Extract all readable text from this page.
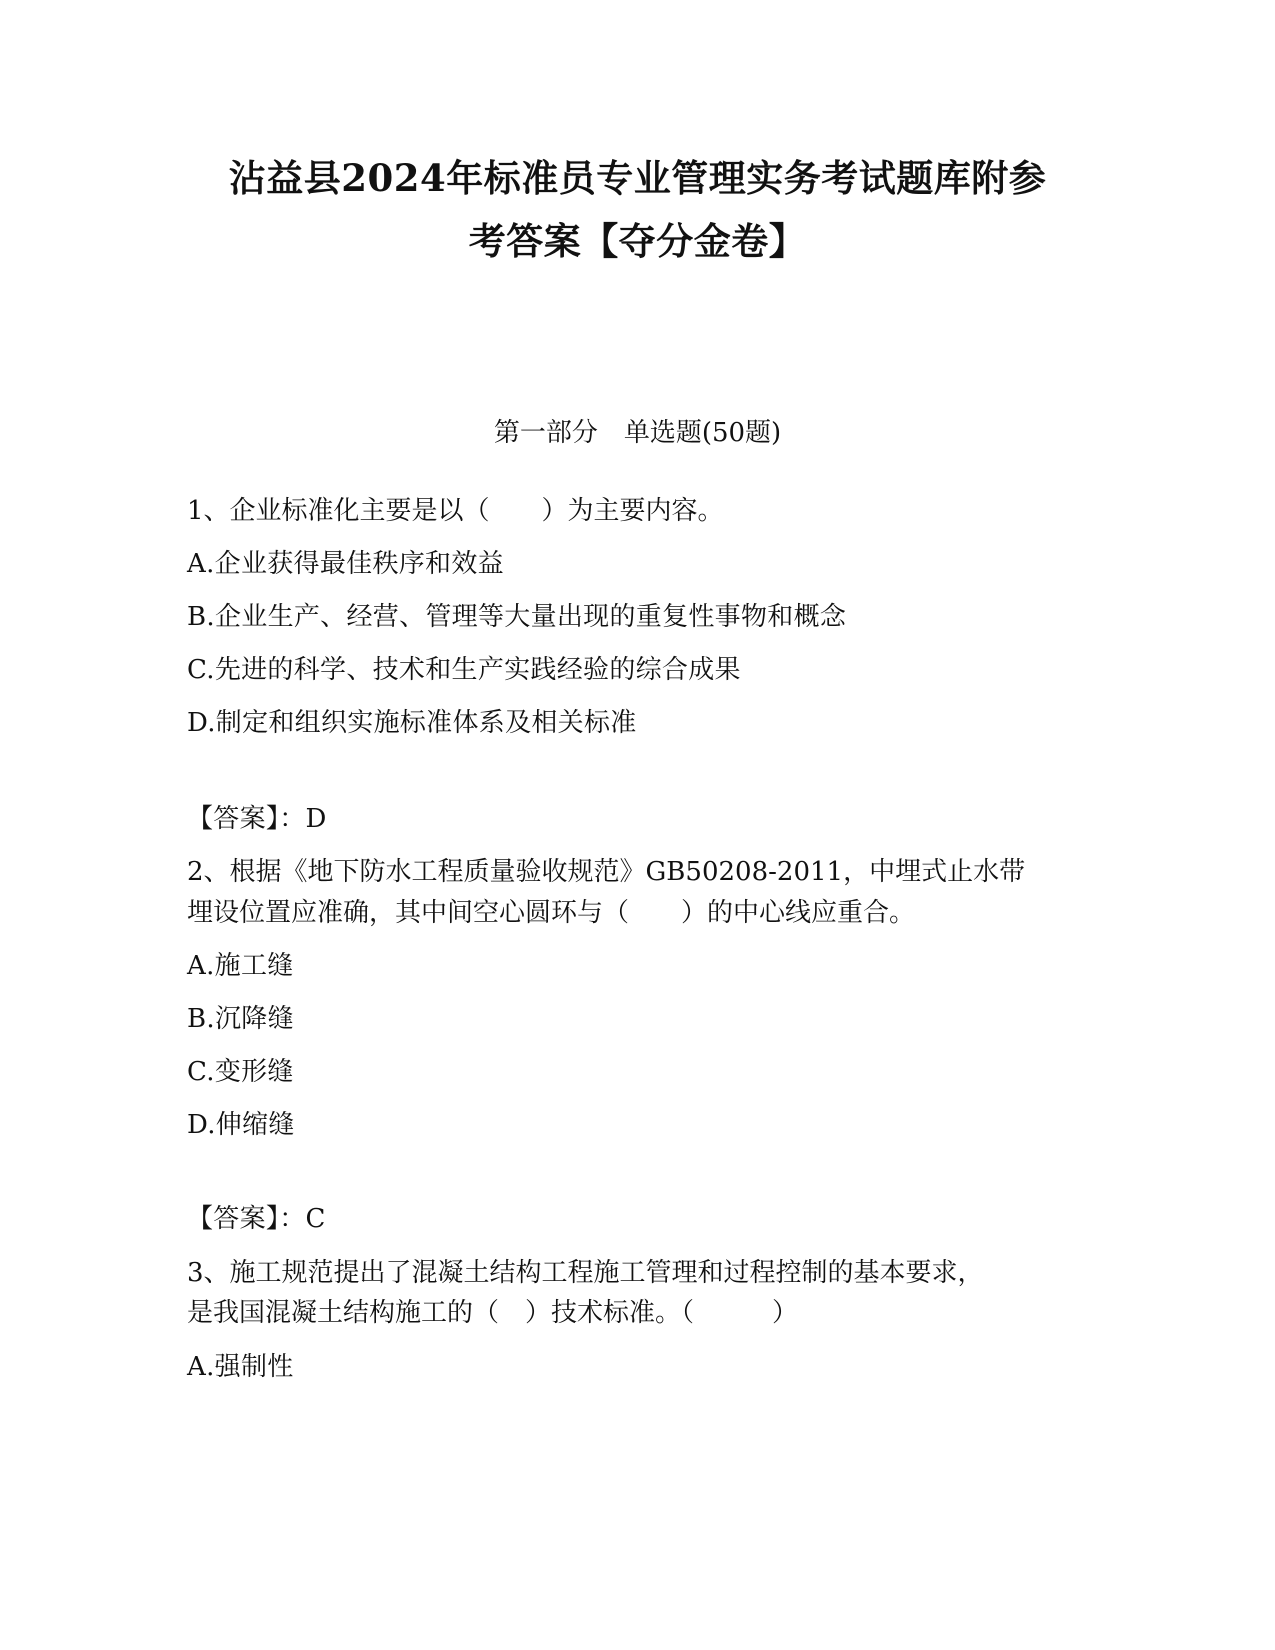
沾益县2024年标准员专业管理实务考试题库附参
考答案【夺分金卷】
第一部分　单选题(50题)
1、企业标准化主要是以（　　）为主要内容。
A.企业获得最佳秩序和效益
B.企业生产、经营、管理等大量出现的重复性事物和概念
C.先进的科学、技术和生产实践经验的综合成果
D.制定和组织实施标准体系及相关标准
【答案】：D
2、根据《地下防水工程质量验收规范》GB50208-2011，中埋式止水带
埋设位置应准确，其中间空心圆环与（　　）的中心线应重合。
A.施工缝
B.沉降缝
C.变形缝
D.伸缩缝
【答案】：C
3、施工规范提出了混凝土结构工程施工管理和过程控制的基本要求，
是我国混凝土结构施工的（　）技术标准。（　　　）
A.强制性
